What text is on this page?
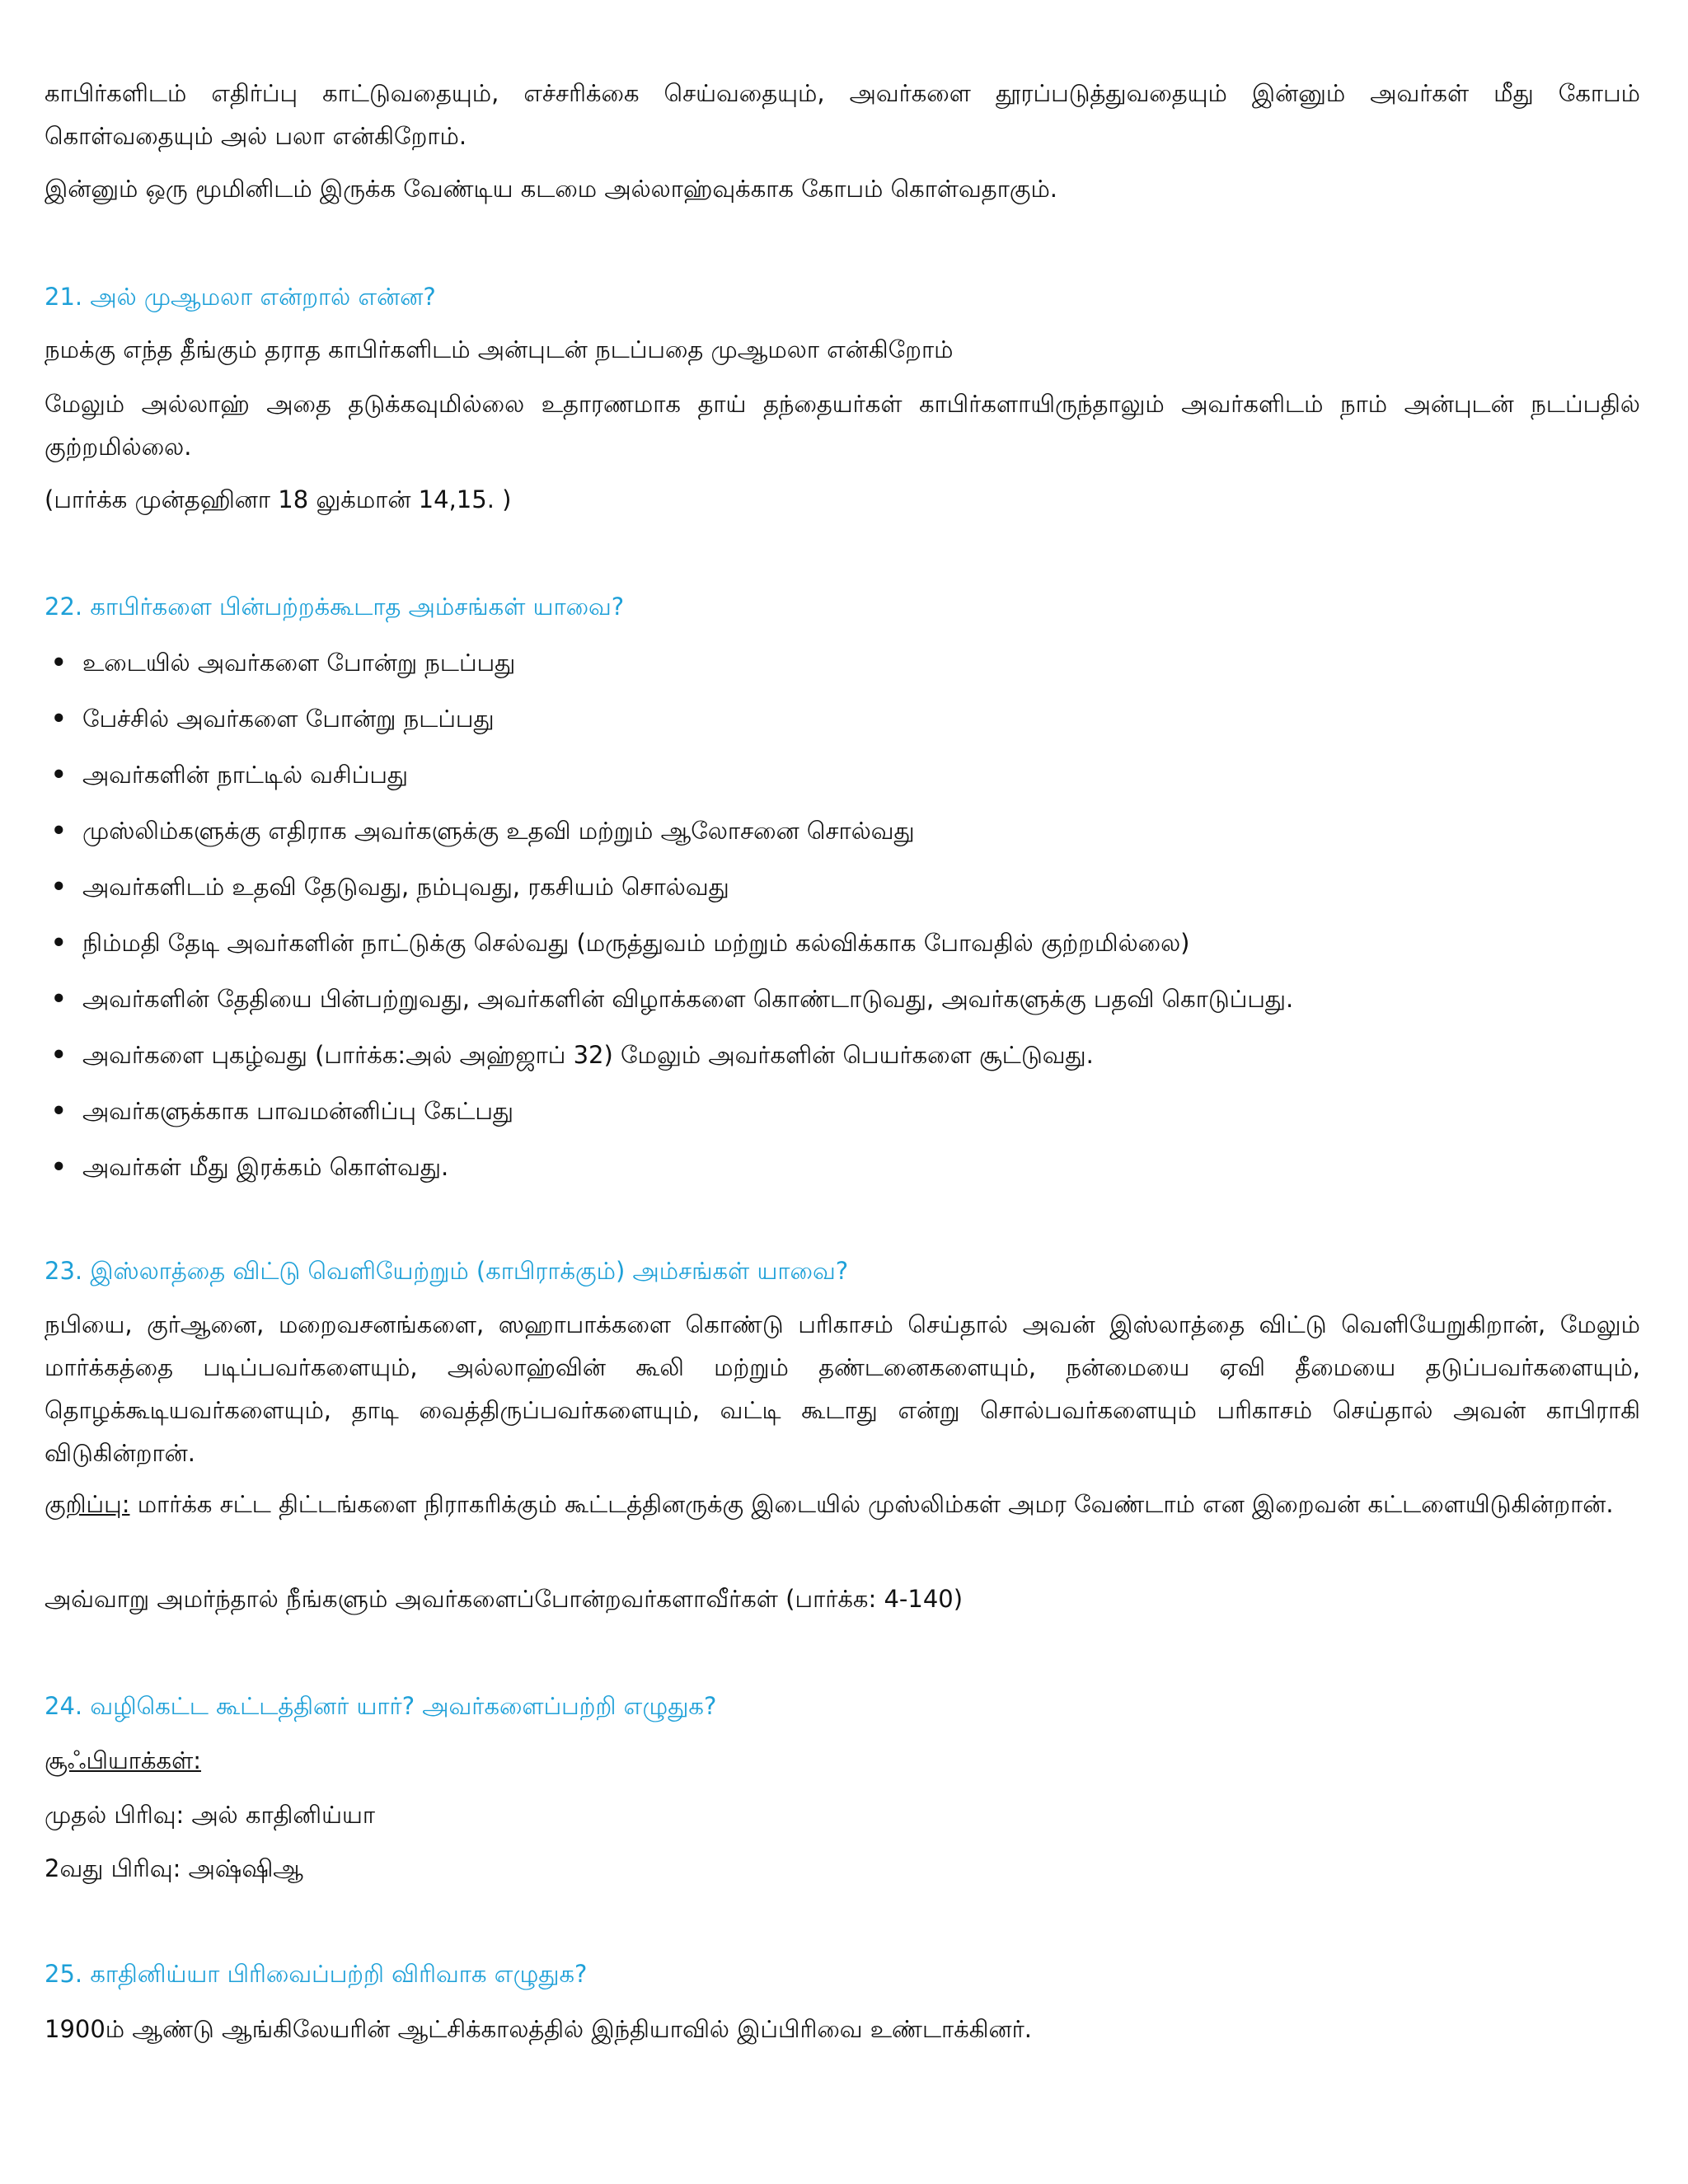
காபிர்களிடம் எதிர்ப்பு காட்டுவதையும், எச்சரிக்கை செய்வதையும், அவர்களை தூரப்படுத்துவதையும் இன்னும் அவர்கள் மீது கோபம் கொள்வதையும் அல் பலா என்கிறோம்.

இன்னும் ஒரு மூமினிடம் இருக்க வேண்டிய கடமை அல்லாஹ்வுக்காக கோபம் கொள்வதாகும்.

21. அல் முஆமலா என்றால் என்ன?

நமக்கு எந்த தீங்கும் தராத காபிர்களிடம் அன்புடன் நடப்பதை முஆமலா என்கிறோம்

மேலும் அல்லாஹ் அதை தடுக்கவுமில்லை உதாரணமாக தாய் தந்தையர்கள் காபிர்களாயிருந்தாலும் அவர்களிடம் நாம் அன்புடன் நடப்பதில் குற்றமில்லை.

(பார்க்க முன்தஹினா 18 லுக்மான் 14,15. )

22. காபிர்களை பின்பற்றக்கூடாத அம்சங்கள் யாவை?

• உடையில் அவர்களை போன்று நடப்பது
• பேச்சில் அவர்களை போன்று நடப்பது
• அவர்களின் நாட்டில் வசிப்பது
• முஸ்லிம்களுக்கு எதிராக அவர்களுக்கு உதவி மற்றும் ஆலோசனை சொல்வது
• அவர்களிடம் உதவி தேடுவது, நம்புவது, ரகசியம் சொல்வது
• நிம்மதி தேடி அவர்களின் நாட்டுக்கு செல்வது (மருத்துவம் மற்றும் கல்விக்காக போவதில் குற்றமில்லை)
• அவர்களின் தேதியை பின்பற்றுவது, அவர்களின் விழாக்களை கொண்டாடுவது, அவர்களுக்கு பதவி கொடுப்பது.
• அவர்களை புகழ்வது (பார்க்க:அல் அஹ்ஜாப் 32) மேலும் அவர்களின் பெயர்களை சூட்டுவது.
• அவர்களுக்காக பாவமன்னிப்பு கேட்பது
• அவர்கள் மீது இரக்கம் கொள்வது.

23. இஸ்லாத்தை விட்டு வெளியேற்றும் (காபிராக்கும்) அம்சங்கள் யாவை?

நபியை, குர்ஆனை, மறைவசனங்களை, ஸஹாபாக்களை கொண்டு பரிகாசம் செய்தால் அவன் இஸ்லாத்தை விட்டு வெளியேறுகிறான், மேலும் மார்க்கத்தை படிப்பவர்களையும், அல்லாஹ்வின் கூலி மற்றும் தண்டனைகளையும், நன்மையை ஏவி தீமையை தடுப்பவர்களையும், தொழக்கூடியவர்களையும், தாடி வைத்திருப்பவர்களையும், வட்டி கூடாது என்று சொல்பவர்களையும் பரிகாசம் செய்தால் அவன் காபிராகி விடுகின்றான்.

குறிப்பு: மார்க்க சட்ட திட்டங்களை நிராகரிக்கும் கூட்டத்தினருக்கு இடையில் முஸ்லிம்கள் அமர வேண்டாம் என இறைவன் கட்டளையிடுகின்றான்.

அவ்வாறு அமர்ந்தால் நீங்களும் அவர்களைப்போன்றவர்களாவீர்கள் (பார்க்க: 4-140)

24. வழிகெட்ட கூட்டத்தினர் யார்? அவர்களைப்பற்றி எழுதுக?

சூஃபியாக்கள்:

முதல் பிரிவு: அல் காதினிய்யா

2வது பிரிவு: அஷ்ஷிஆ

25. காதினிய்யா பிரிவைப்பற்றி விரிவாக எழுதுக?

1900ம் ஆண்டு ஆங்கிலேயரின் ஆட்சிக்காலத்தில் இந்தியாவில் இப்பிரிவை உண்டாக்கினர்.
